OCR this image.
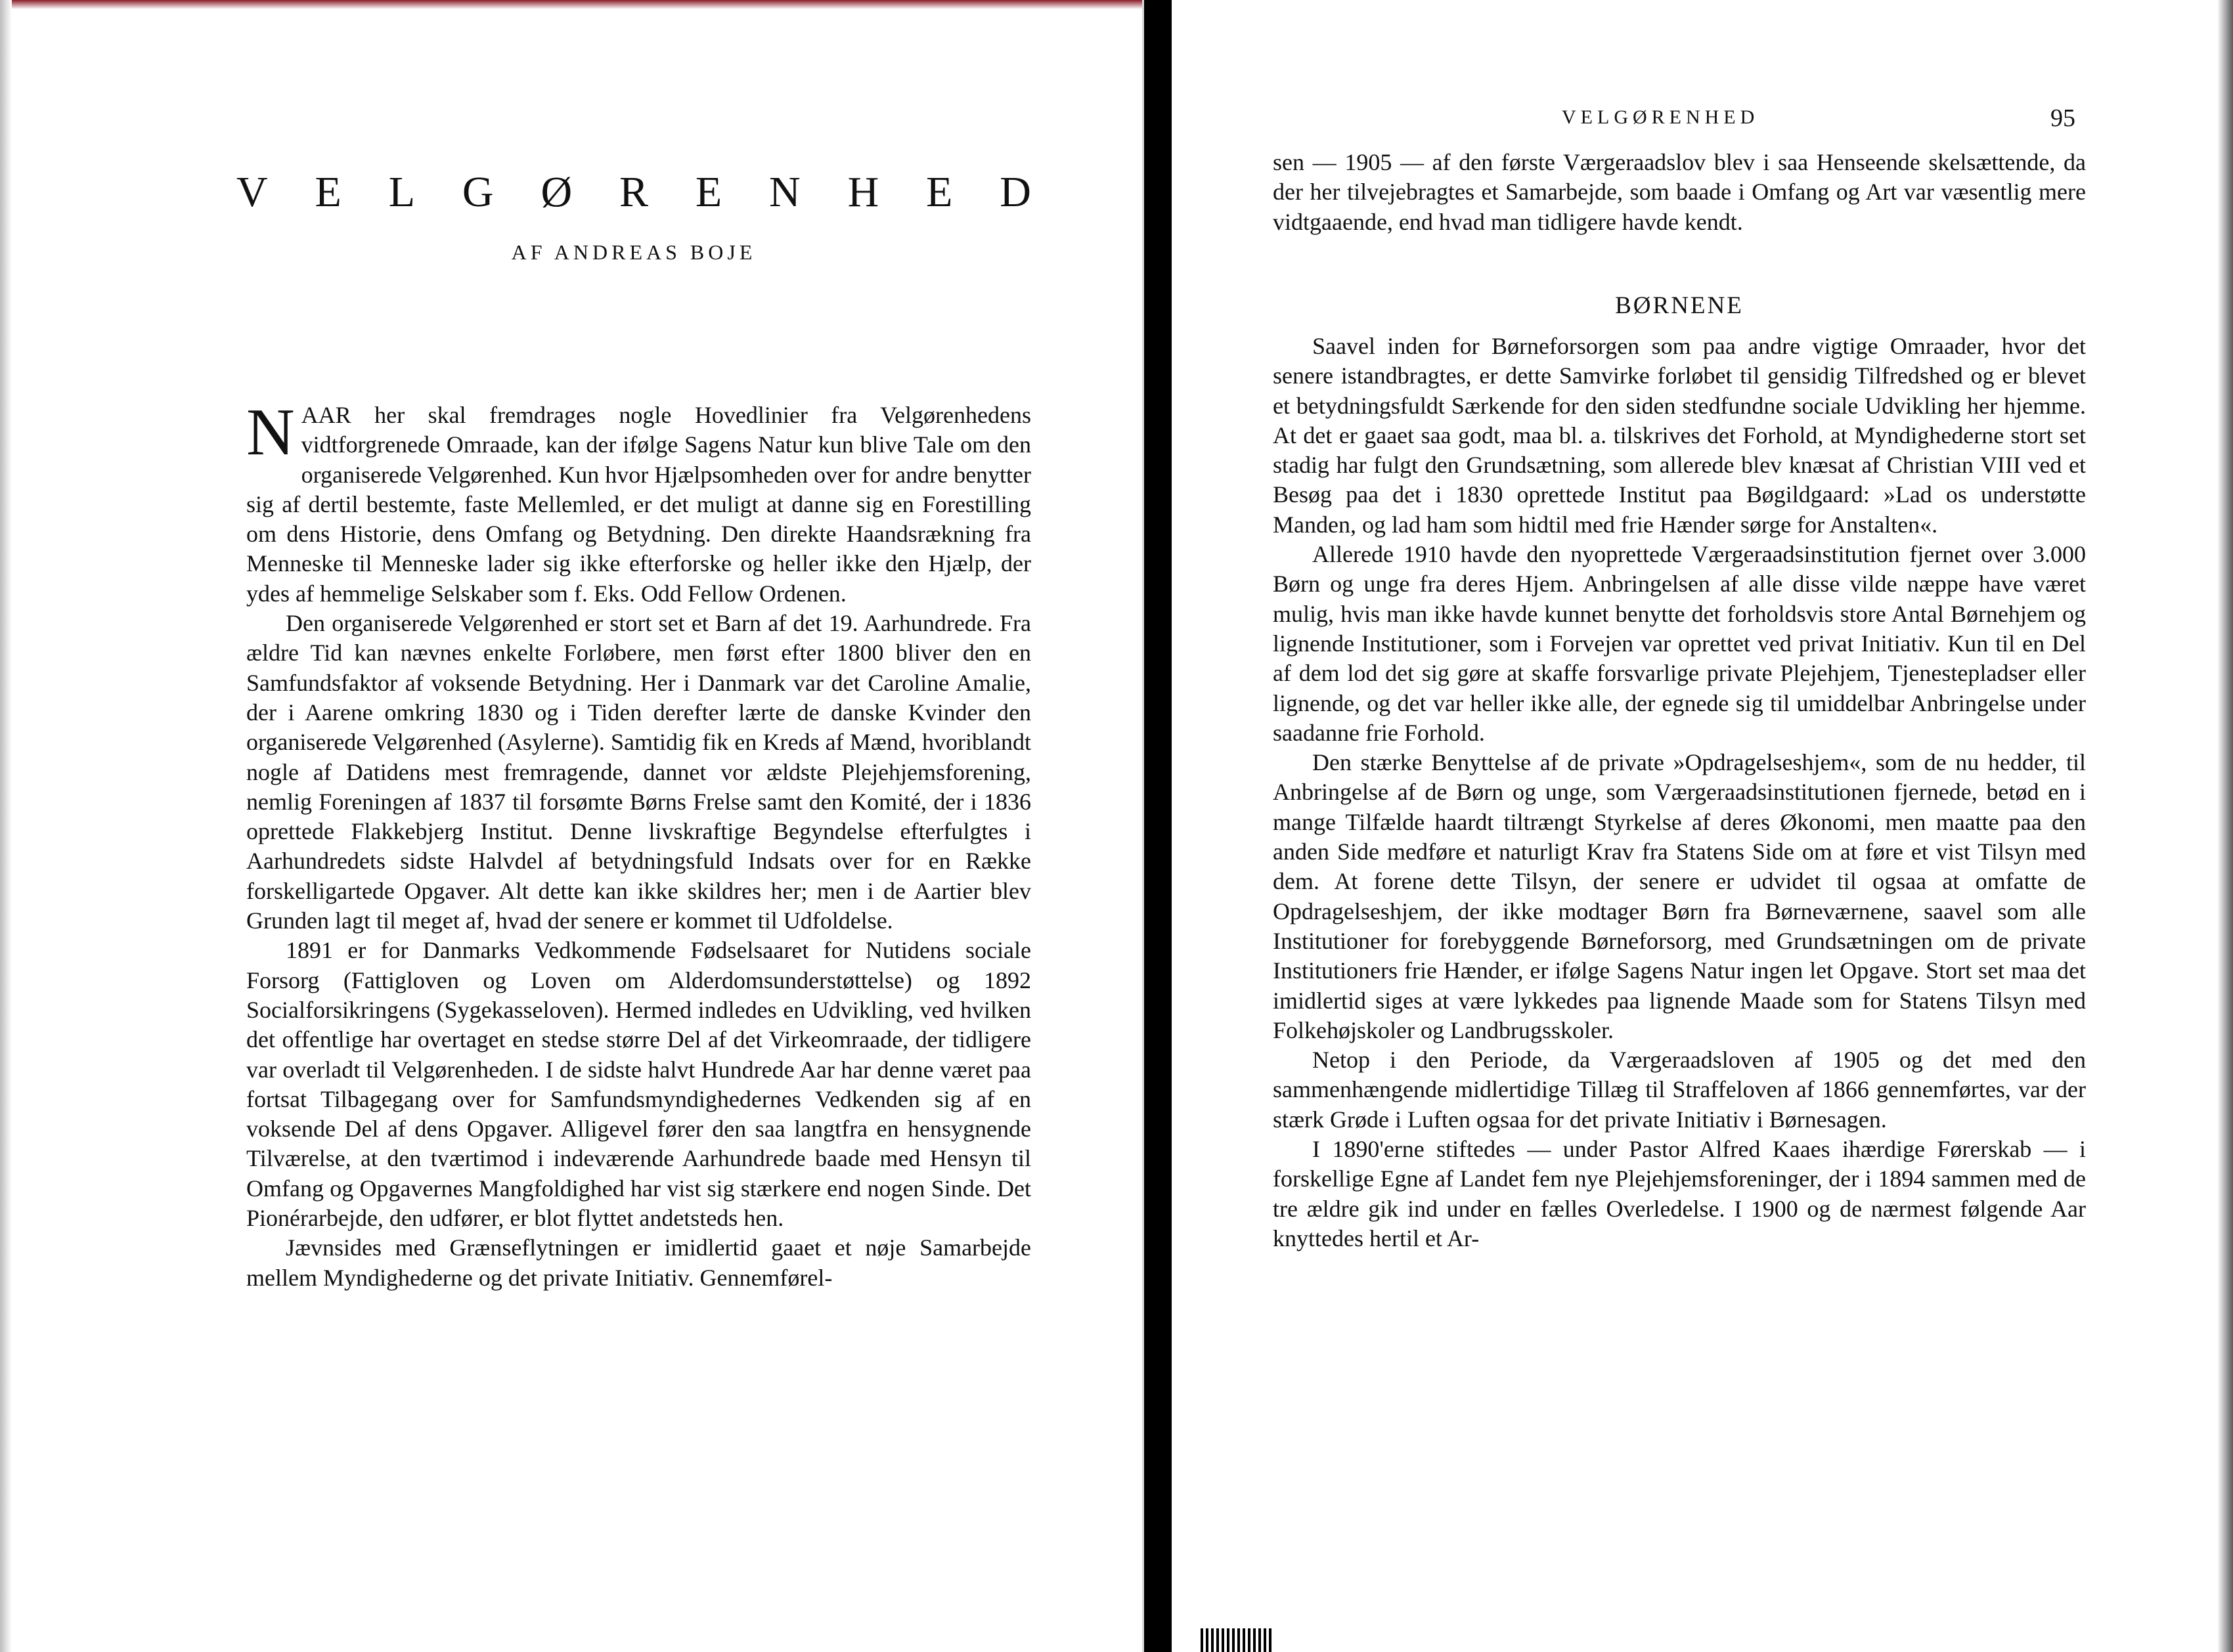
V E L G Ø R E N H E D
AF ANDREAS BOJE

NAAR her skal fremdrages nogle Hovedlinier fra Velgørenhedens vidtforgrenede Omraade, kan der ifølge Sagens Natur kun blive Tale om den organiserede Velgørenhed. Kun hvor Hjælpsomheden over for andre benytter sig af dertil bestemte, faste Mellemled, er det muligt at danne sig en Forestilling om dens Historie, dens Omfang og Betydning. Den direkte Haandsrækning fra Menneske til Menneske lader sig ikke efterforske og heller ikke den Hjælp, der ydes af hemmelige Selskaber som f. Eks. Odd Fellow Ordenen.

Den organiserede Velgørenhed er stort set et Barn af det 19. Aarhundrede. Fra ældre Tid kan nævnes enkelte Forløbere, men først efter 1800 bliver den en Samfundsfaktor af voksende Betydning. Her i Danmark var det Caroline Amalie, der i Aarene omkring 1830 og i Tiden derefter lærte de danske Kvinder den organiserede Velgørenhed (Asylerne). Samtidig fik en Kreds af Mænd, hvoriblandt nogle af Datidens mest fremragende, dannet vor ældste Plejehjemsforening, nemlig Foreningen af 1837 til forsømte Børns Frelse samt den Komité, der i 1836 oprettede Flakkebjerg Institut. Denne livskraftige Begyndelse efterfulgtes i Aarhundredets sidste Halvdel af betydningsfuld Indsats over for en Række forskelligartede Opgaver. Alt dette kan ikke skildres her; men i de Aartier blev Grunden lagt til meget af, hvad der senere er kommet til Udfoldelse.

1891 er for Danmarks Vedkommende Fødselsaaret for Nutidens sociale Forsorg (Fattigloven og Loven om Alderdomsunderstøttelse) og 1892 Socialforsikringens (Sygekasseloven). Hermed indledes en Udvikling, ved hvilken det offentlige har overtaget en stedse større Del af det Virkeomraade, der tidligere var overladt til Velgørenheden. I de sidste halvt Hundrede Aar har denne været paa fortsat Tilbagegang over for Samfundsmyndighedernes Vedkenden sig af en voksende Del af dens Opgaver. Alligevel fører den saa langtfra en hensygnende Tilværelse, at den tværtimod i indeværende Aarhundrede baade med Hensyn til Omfang og Opgavernes Mangfoldighed har vist sig stærkere end nogen Sinde. Det Pionérarbejde, den udfører, er blot flyttet andetsteds hen.

Jævnsides med Grænseflytningen er imidlertid gaaet et nøje Samarbejde mellem Myndighederne og det private Initiativ. Gennemførel-

VELGØRENHED	95

sen — 1905 — af den første Værgeraadslov blev i saa Henseende skelsættende, da der her tilvejebragtes et Samarbejde, som baade i Omfang og Art var væsentlig mere vidtgaaende, end hvad man tidligere havde kendt.

BØRNENE

Saavel inden for Børneforsorgen som paa andre vigtige Omraader, hvor det senere istandbragtes, er dette Samvirke forløbet til gensidig Tilfredshed og er blevet et betydningsfuldt Særkende for den siden stedfundne sociale Udvikling her hjemme. At det er gaaet saa godt, maa bl. a. tilskrives det Forhold, at Myndighederne stort set stadig har fulgt den Grundsætning, som allerede blev knæsat af Christian VIII ved et Besøg paa det i 1830 oprettede Institut paa Bøgildgaard: »Lad os understøtte Manden, og lad ham som hidtil med frie Hænder sørge for Anstalten«.

Allerede 1910 havde den nyoprettede Værgeraadsinstitution fjernet over 3.000 Børn og unge fra deres Hjem. Anbringelsen af alle disse vilde næppe have været mulig, hvis man ikke havde kunnet benytte det forholdsvis store Antal Børnehjem og lignende Institutioner, som i Forvejen var oprettet ved privat Initiativ. Kun til en Del af dem lod det sig gøre at skaffe forsvarlige private Plejehjem, Tjenestepladser eller lignende, og det var heller ikke alle, der egnede sig til umiddelbar Anbringelse under saadanne frie Forhold.

Den stærke Benyttelse af de private »Opdragelseshjem«, som de nu hedder, til Anbringelse af de Børn og unge, som Værgeraadsinstitutionen fjernede, betød en i mange Tilfælde haardt tiltrængt Styrkelse af deres Økonomi, men maatte paa den anden Side medføre et naturligt Krav fra Statens Side om at føre et vist Tilsyn med dem. At forene dette Tilsyn, der senere er udvidet til ogsaa at omfatte de Opdragelseshjem, der ikke modtager Børn fra Børneværnene, saavel som alle Institutioner for forebyggende Børneforsorg, med Grundsætningen om de private Institutioners frie Hænder, er ifølge Sagens Natur ingen let Opgave. Stort set maa det imidlertid siges at være lykkedes paa lignende Maade som for Statens Tilsyn med Folkehøjskoler og Landbrugsskoler.

Netop i den Periode, da Værgeraadsloven af 1905 og det med den sammenhængende midlertidige Tillæg til Straffeloven af 1866 gennemførtes, var der stærk Grøde i Luften ogsaa for det private Initiativ i Børnesagen.

I 1890'erne stiftedes — under Pastor Alfred Kaaes ihærdige Førerskab — i forskellige Egne af Landet fem nye Plejehjemsforeninger, der i 1894 sammen med de tre ældre gik ind under en fælles Overledelse. I 1900 og de nærmest følgende Aar knyttedes hertil et Ar-
